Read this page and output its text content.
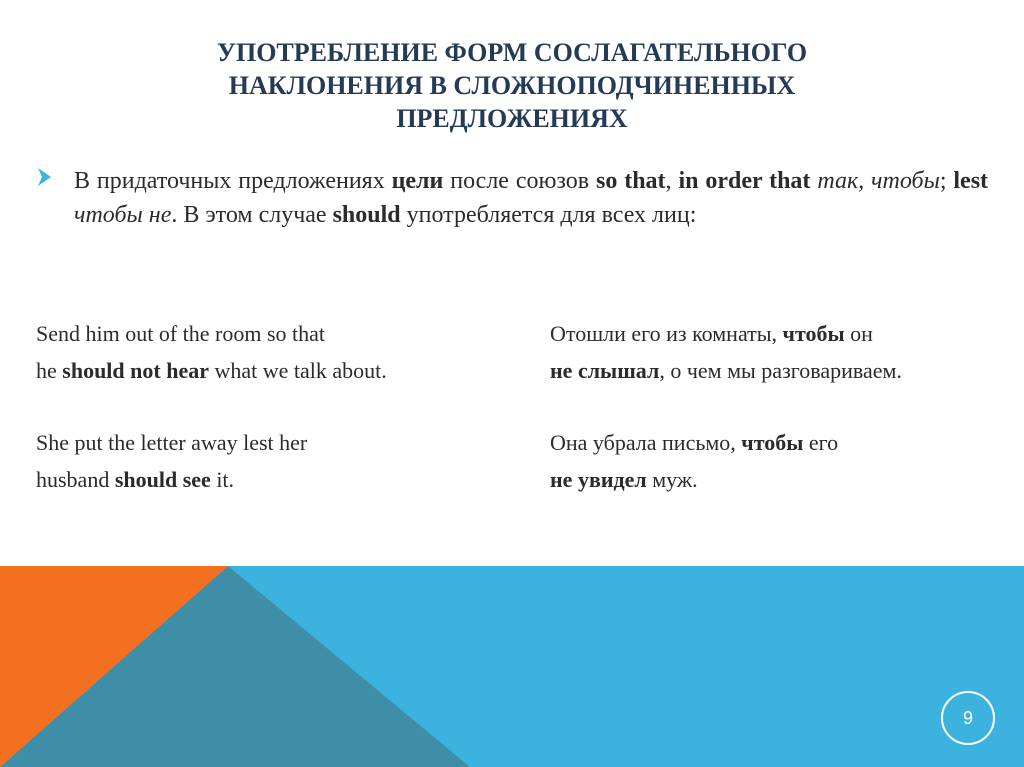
УПОТРЕБЛЕНИЕ ФОРМ СОСЛАГАТЕЛЬНОГО
НАКЛОНЕНИЯ В СЛОЖНОПОДЧИНЕННЫХ
ПРЕДЛОЖЕНИЯХ
В придаточных предложениях цели после союзов so that, in order that так, чтобы; lest чтобы не. В этом случае should употребляется для всех лиц:
Send him out of the room so that
he should not hear what we talk about.
Отошли его из комнаты, чтобы он
не слышал, о чем мы разговариваем.
She put the letter away lest her
husband should see it.
Она убрала письмо, чтобы его
не увидел муж.
9
